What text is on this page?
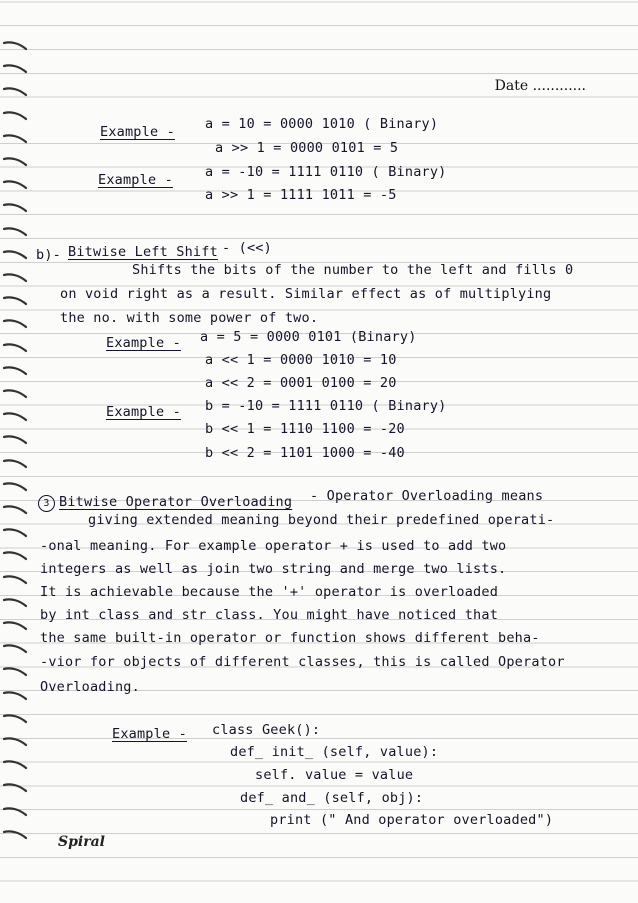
Date ............
Example - a = 10 = 0000 1010 ( Binary)
a >> 1 = 0000 0101 = 5
Example - a = -10 = 1111 0110 ( Binary)
a >> 1 = 1111 1011 = -5
b)- Bitwise Left Shift - (<<)
Shifts the bits of the number to the left and fills 0
on void right as a result. Similar effect as of multiplying
the no. with some power of two.
Example - a = 5 = 0000 0101 (Binary)
a << 1 = 0000 1010 = 10
a << 2 = 0001 0100 = 20
Example - b = -10 = 1111 0110 ( Binary)
b << 1 = 1110 1100 = -20
b << 2 = 1101 1000 = -40
3 Bitwise Operator Overloading - Operator Overloading means
giving extended meaning beyond their predefined operati-
-onal meaning. For example operator + is used to add two
integers as well as join two string and merge two lists.
It is achievable because the '+' operator is overloaded
by int class and str class. You might have noticed that
the same built-in operator or function shows different beha-
-vior for objects of different classes, this is called Operator
Overloading.
Example - class Geek():
def_ init_ (self, value):
self. value = value
def_ and_ (self, obj):
print (" And operator overloaded")
Spiral
